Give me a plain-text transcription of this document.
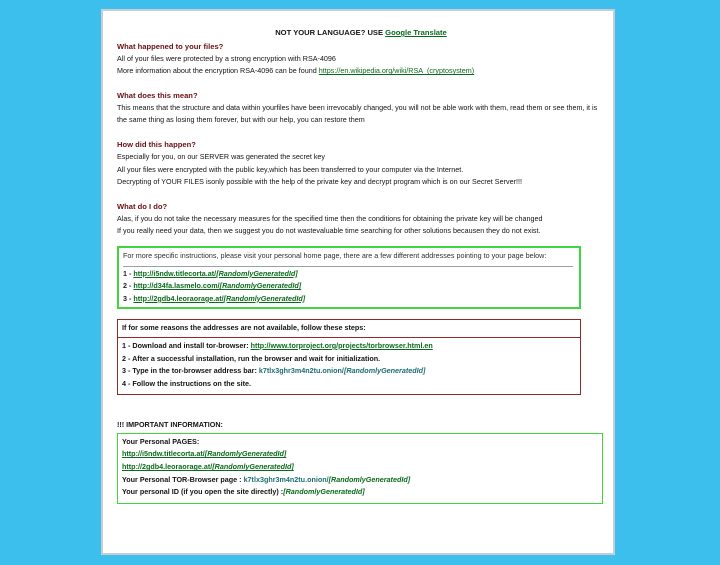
NOT YOUR LANGUAGE? USE Google Translate
What happened to your files?

All of your files were protected by a strong encryption with RSA-4096

More information about the encryption RSA-4096 can be found https://en.wikipedia.org/wiki/RSA_(cryptosystem)

What does this mean?

This means that the structure and data within yourfiles have been irrevocably changed, you will not be able work with them, read them or see them, it is the same thing as losing them forever, but with our help, you can restore them

How did this happen?

Especially for you, on our SERVER was generated the secret key

All your files were encrypted with the public key,which has been transferred to your computer via the Internet.

Decrypting of YOUR FILES isonly possible with the help of the private key and decrypt program which is on our Secret Server!!!

What do I do?

Alas, if you do not take the necessary measures for the specified time then the conditions for obtaining the private key will be changed

If you really need your data, then we suggest you do not wastevaluable time searching for other solutions becausen they do not exist.

For more specific instructions, please visit your personal home page, there are a few different addresses pointing to your page below:

1 - http://i5ndw.titlecorta.at/[RandomlyGeneratedId]
2 - http://d34fa.lasmelo.com/[RandomlyGeneratedId]
3 - http://2gdb4.leoraorage.at/[RandomlyGeneratedId]
If for some reasons the addresses are not available, follow these steps:
1 - Download and install tor-browser: http://www.torproject.org/projects/torbrowser.html.en
2 - After a successful installation, run the browser and wait for initialization.
3 - Type in the tor-browser address bar: k7tlx3ghr3m4n2tu.onion/[RandomlyGeneratedId]
4 - Follow the instructions on the site.
!!! IMPORTANT INFORMATION:
Your Personal PAGES:
http://i5ndw.titlecorta.at/[RandomlyGeneratedId]
http://2gdb4.leoraorage.at/[RandomlyGeneratedId]
Your Personal TOR-Browser page : k7tlx3ghr3m4n2tu.onion/[RandomlyGeneratedId]
Your personal ID (if you open the site directly) :[RandomlyGeneratedId]
